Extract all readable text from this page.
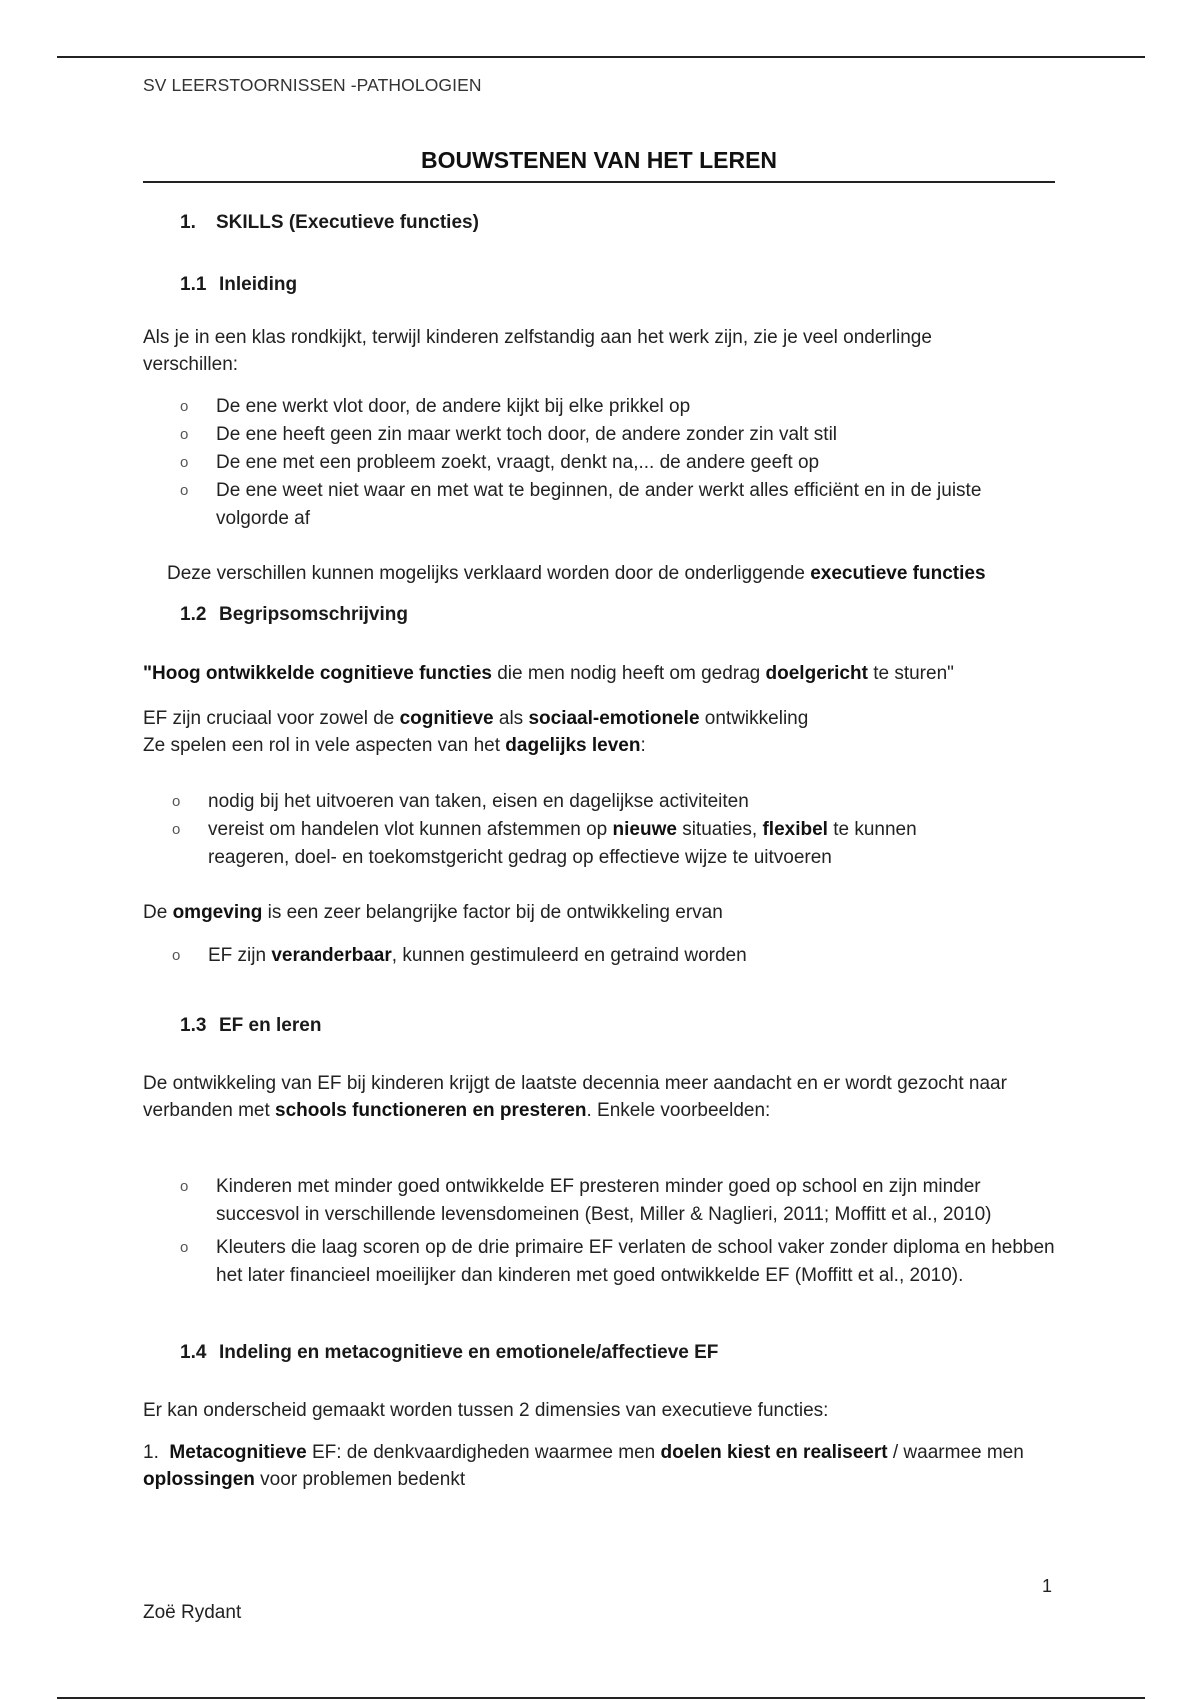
SV LEERSTOORNISSEN -PATHOLOGIEN
BOUWSTENEN VAN HET LEREN
1. SKILLS (Executieve functies)
1.1 Inleiding
Als je in een klas rondkijkt, terwijl kinderen zelfstandig aan het werk zijn, zie je veel onderlinge verschillen:
o	De ene werkt vlot door, de andere kijkt bij elke prikkel op
o	De ene heeft geen zin maar werkt toch door, de andere zonder zin valt stil
o	De ene met een probleem zoekt, vraagt, denkt na,... de andere geeft op
o	De ene weet niet waar en met wat te beginnen, de ander werkt alles efficiënt en in de juiste volgorde af
Deze verschillen kunnen mogelijks verklaard worden door de onderliggende executieve functies
1.2 Begripsomschrijving
"Hoog ontwikkelde cognitieve functies die men nodig heeft om gedrag doelgericht te sturen"
EF zijn cruciaal voor zowel de cognitieve als sociaal-emotionele ontwikkeling
Ze spelen een rol in vele aspecten van het dagelijks leven:
o	nodig bij het uitvoeren van taken, eisen en dagelijkse activiteiten
o	vereist om handelen vlot kunnen afstemmen op nieuwe situaties, flexibel te kunnen reageren, doel- en toekomstgericht gedrag op effectieve wijze te uitvoeren
De omgeving is een zeer belangrijke factor bij de ontwikkeling ervan
o	EF zijn veranderbaar, kunnen gestimuleerd en getraind worden
1.3 EF en leren
De ontwikkeling van EF bij kinderen krijgt de laatste decennia meer aandacht en er wordt gezocht naar verbanden met schools functioneren en presteren. Enkele voorbeelden:
o	Kinderen met minder goed ontwikkelde EF presteren minder goed op school en zijn minder succesvol in verschillende levensdomeinen (Best, Miller & Naglieri, 2011; Moffitt et al., 2010)
o	Kleuters die laag scoren op de drie primaire EF verlaten de school vaker zonder diploma en hebben het later financieel moeilijker dan kinderen met goed ontwikkelde EF (Moffitt et al., 2010).
1.4 Indeling en metacognitieve en emotionele/affectieve EF
Er kan onderscheid gemaakt worden tussen 2 dimensies van executieve functies:
1. Metacognitieve EF: de denkvaardigheden waarmee men doelen kiest en realiseert / waarmee men oplossingen voor problemen bedenkt
1
Zoë Rydant
